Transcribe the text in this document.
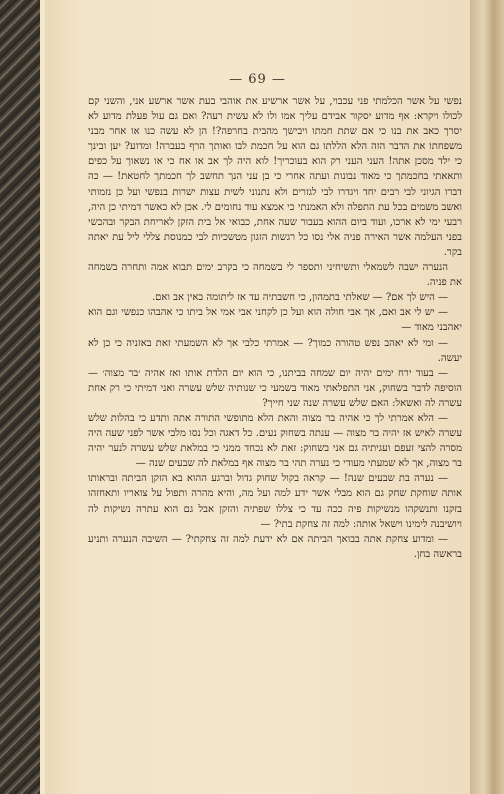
— 69 —

נפשי על אשר הכלמתי פני עכבוי, על אשר ארשיע את אוהבי בעת אשר ארשע אני, והשני קם לכולו ויקרא: אף מדוע יסקור אבידם עליך אמו ולו לא עשית רעה? ואם גם עול פעלת מדוע לא יסרך כאב את בנו כי אם שתת חמתו ויבישך מהבית בחרפה?! הן לא עשה כנו או אחר מבני משפחתו את הדבר הזה הלא הללתו גם הוא על חכמת לבו ואותך הרף בעברה! ומדוע? יען ובינך כי ילד מסכן אתה! העני העני רק הוא בעוכריך! לוא היה לך אב או אח כי או נשאוך על כפים ותאאתי בחכמתך כי מאוד נבונות ועתה אחרי כי בן עני הנך תחשב לך חכמתך לחטאת! — כה דברו הגיוני לבי רבים יחד ויגדרו לבי לגזרים ולא נתנוני לשית עצות ישרות בנפשי ועל כן נזמותי ואשב משמים בכל עת התפלה ולא האמנתי כי אמצא עוד נחומים לי. אכן לא כאשר דמיתי כן היה, רבעי ימי לא ארכו, ועוד ביום ההוא בעבור שעה אחת, כבואי אל בית הזקן לאריחת הבקר ובהכשי בפני העלמה אשר האירה פניה אלי נסו כל רגשות הזגון מטשכיות לבי כמנוסת צללי ליל עת יאתה בקר.

הנערה ישבה לשמאלי ותשיחיני ותספר לי בשמחה כי בקרב ימים תבוא אמה ותחרה בשמחה את פניה.

— היש לך אם? — שאלתי בתמהון, כי חשבתיה עד אז ליתומה באין אב ואם.

— יש לי אב ואם, אך אבי חולה הוא ועל כן לקחני אבי אמי אל ביתו כי אהבהו כנפשי וגם הוא יאהבני מאוד —

— ומי לא יאהב נפש טהורה כמוך? — אמרתי כלבי אך לא השמעתי זאת באזניה כי כן לא יעשה.

— בעוד ירח ימים יהיה יום שמחה בביתנו, כי הוא יום הלדת אותו ואז אהיה ׳בר מצוה׳ — הוסיפה לדבר בשחוק, אני התפלאתי מאוד בשמעי כי שנותיה שלש עשרה ואני דמיתי כי רק אחת עשרה לה ואשאל: האם שלש עשרה שנה שני חייך?

— הלא אמרתי לך כי אהיה בר מצוה והאת הלא מתופשי התורה אתה ותדע כי בהלות שלש עשרה לאיש אז יהיה בר מצוה — ענתה בשחוק נעים. כל דאגה וכל נסו מלבי אשר לפני שעה היה מסרה להצי זעפם ועגיתיה גם אני בשחוק: זאת לא נכחד ממני כי במלאת שלש עשרה לנער יהיה בר מצוה, אך לא שמעתי מעודי כי נערה תהי בר מצוה אף במלאת לה שבעים שנה —

— נערה בת שבעים שנה! — קראה בקול שחוק גדול וברגע ההוא בא הזקן הביתה ובראותו אותה שוחקת שחק גם הוא מבלי אשר ידע למה ועל מה, והיא מהרה ותפול על צואריו ותאחזהו בזקנו ותנשקהו מנשיקות פיה ככה עד כי צללו שפתיה והזקן אבל גם הוא עתרה נשיקות לה ויושיבנה לימינו וישאל אותה: למה זה צחקת בתי? —

— ומדוע צחקת אתה בבואך הביתה אם לא ידעת למה זה צחקתי? — השיבה הנערה ותניע בראשה בחן.
